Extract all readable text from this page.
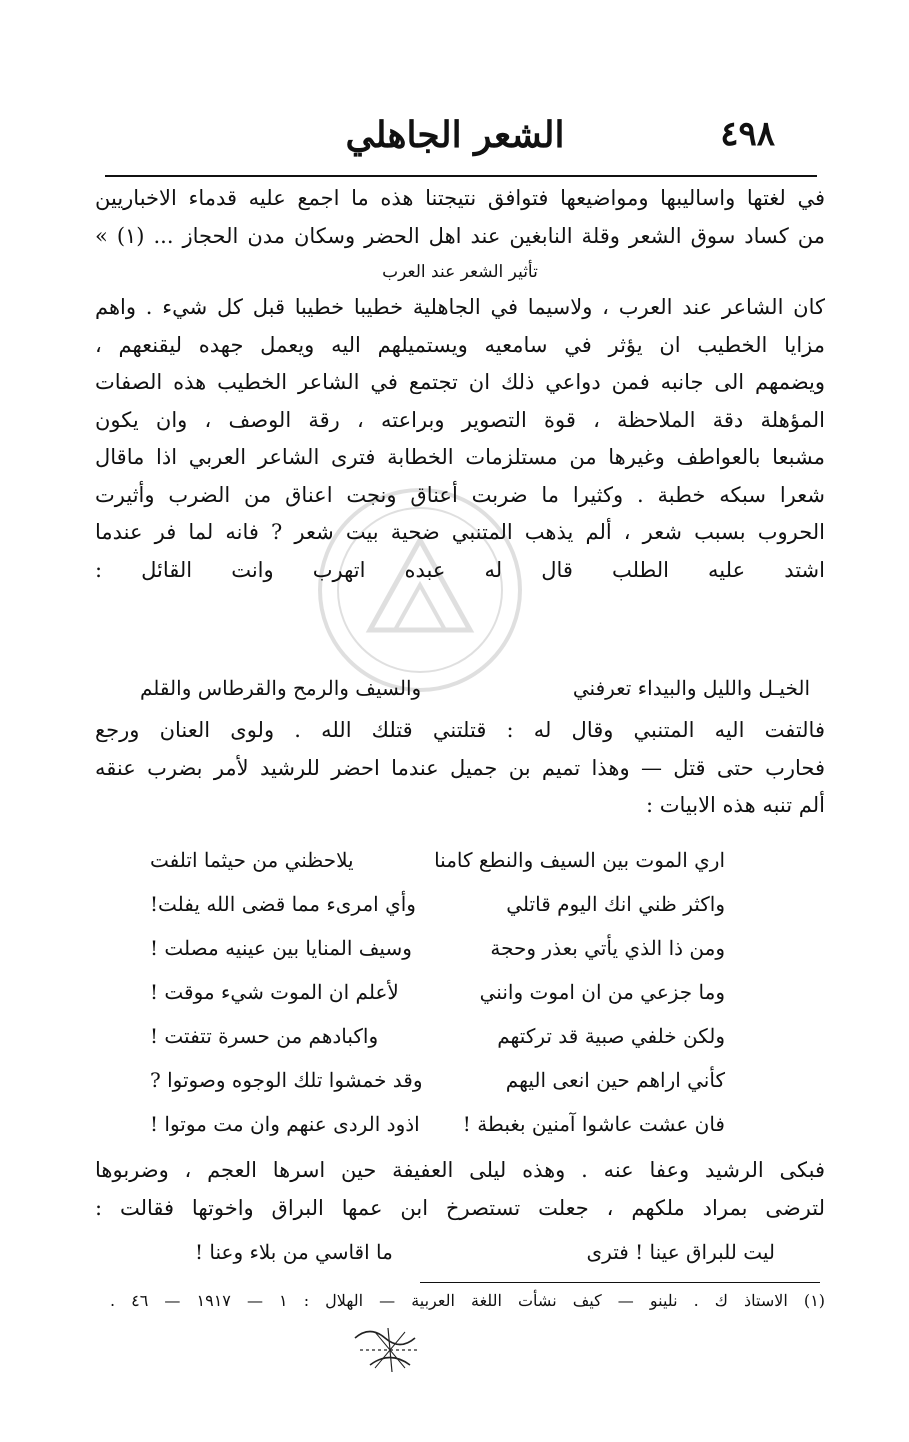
٤٩٨
الشعر الجاهلي
في لغتها واساليبها ومواضيعها فتوافق نتيجتنا هذه ما اجمع عليه قدماء الاخباريين
من كساد سوق الشعر وقلة النابغين عند اهل الحضر وسكان مدن الحجاز ... (١) »
تأثير الشعر عند العرب
كان الشاعر عند العرب ، ولاسيما في الجاهلية خطيبا خطيبا قبل كل شيء . واهم
مزايا الخطيب ان يؤثر في سامعيه ويستميلهم اليه ويعمل جهده ليقنعهم ،
ويضمهم الى جانبه فمن دواعي ذلك ان تجتمع في الشاعر الخطيب هذه الصفات
المؤهلة دقة الملاحظة ، قوة التصوير وبراعته ، رقة الوصف ، وان يكون
مشبعا بالعواطف وغيرها من مستلزمات الخطابة فترى الشاعر العربي اذا ماقال
شعرا سبكه خطبة . وكثيرا ما ضربت أعناق ونجت اعناق من الضرب وأثيرت
الحروب بسبب شعر ، ألم يذهب المتنبي ضحية بيت شعر ? فانه لما فر عندما
اشتد عليه الطلب قال له عبده اتهرب وانت القائل :
الخيـل والليل والبيداء تعرفني
والسيف والرمح والقرطاس والقلم
فالتفت اليه المتنبي وقال له : قتلتني قتلك الله . ولوى العنان ورجع
فحارب حتى قتل — وهذا تميم بن جميل عندما احضر للرشيد لأمر بضرب عنقه
ألم تنبه هذه الابيات :
اري الموت بين السيف والنطع كامنا
يلاحظني من حيثما اتلفت
واكثر ظني انك اليوم قاتلي
وأي امرىء مما قضى الله يفلت!
ومن ذا الذي يأتي بعذر وحجة
وسيف المنايا بين عينيه مصلت !
وما جزعي من ان اموت وانني
لأعلم ان الموت شيء موقت !
ولكن خلفي صبية قد تركتهم
واكبادهم من حسرة تتفتت !
كأني اراهم حين انعى اليهم
وقد خمشوا تلك الوجوه وصوتوا ?
فان عشت عاشوا آمنين بغبطة !
اذود الردى عنهم وان مت موتوا !
فبكى الرشيد وعفا عنه . وهذه ليلى العفيفة حين اسرها العجم ، وضربوها
لترضى بمراد ملكهم ، جعلت تستصرخ ابن عمها البراق واخوتها فقالت :
ليت للبراق عينا ! فترى
ما اقاسي من بلاء وعنا !
(١) الاستاذ ك . نلينو — كيف نشأت اللغة العربية — الهلال : ١ — ١٩١٧ — ٤٦ .
